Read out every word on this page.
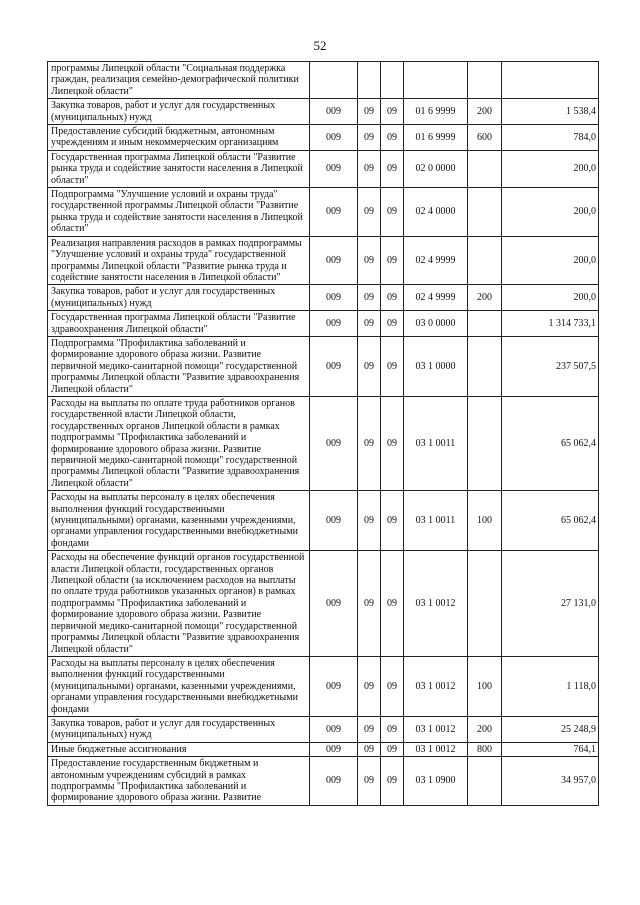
52
программы Липецкой области "Социальная поддержка граждан, реализация семейно-демографической политики Липецкой области"						
Закупка товаров, работ и услуг для государственных (муниципальных) нужд	009	09	09	01 6 9999	200	1 538,4
Предоставление субсидий бюджетным, автономным учреждениям и иным некоммерческим организациям	009	09	09	01 6 9999	600	784,0
Государственная программа Липецкой области "Развитие рынка труда и содействие занятости населения в Липецкой области"	009	09	09	02 0 0000		200,0
Подпрограмма "Улучшение условий и охраны труда" государственной программы Липецкой области "Развитие рынка труда и содействие занятости населения в Липецкой области"	009	09	09	02 4 0000		200,0
Реализация направления расходов в рамках подпрограммы "Улучшение условий и охраны труда" государственной программы Липецкой области "Развитие рынка труда и содействие занятости населения в Липецкой области"	009	09	09	02 4 9999		200,0
Закупка товаров, работ и услуг для государственных (муниципальных) нужд	009	09	09	02 4 9999	200	200,0
Государственная программа Липецкой области "Развитие здравоохранения Липецкой области"	009	09	09	03 0 0000		1 314 733,1
Подпрограмма "Профилактика заболеваний и формирование здорового образа жизни. Развитие первичной медико-санитарной помощи" государственной программы Липецкой области "Развитие здравоохранения Липецкой области"	009	09	09	03 1 0000		237 507,5
Расходы на выплаты по оплате труда работников органов государственной власти Липецкой области, государственных органов Липецкой области в рамках подпрограммы "Профилактика заболеваний и формирование здорового образа жизни. Развитие первичной медико-санитарной помощи" государственной программы Липецкой области "Развитие здравоохранения Липецкой области"	009	09	09	03 1 0011		65 062,4
Расходы на выплаты персоналу в целях обеспечения выполнения функций государственными (муниципальными) органами, казенными учреждениями, органами управления государственными внебюджетными фондами	009	09	09	03 1 0011	100	65 062,4
Расходы на обеспечение функций органов государственной власти Липецкой области, государственных органов Липецкой области (за исключением расходов на выплаты по оплате труда работников указанных органов) в рамках подпрограммы "Профилактика заболеваний и формирование здорового образа жизни. Развитие первичной медико-санитарной помощи" государственной программы Липецкой области "Развитие здравоохранения Липецкой области"	009	09	09	03 1 0012		27 131,0
Расходы на выплаты персоналу в целях обеспечения выполнения функций государственными (муниципальными) органами, казенными учреждениями, органами управления государственными внебюджетными фондами	009	09	09	03 1 0012	100	1 118,0
Закупка товаров, работ и услуг для государственных (муниципальных) нужд	009	09	09	03 1 0012	200	25 248,9
Иные бюджетные ассигнования	009	09	09	03 1 0012	800	764,1
Предоставление государственным бюджетным и автономным учреждениям субсидий в рамках подпрограммы "Профилактика заболеваний и формирование здорового образа жизни. Развитие	009	09	09	03 1 0900		34 957,0
